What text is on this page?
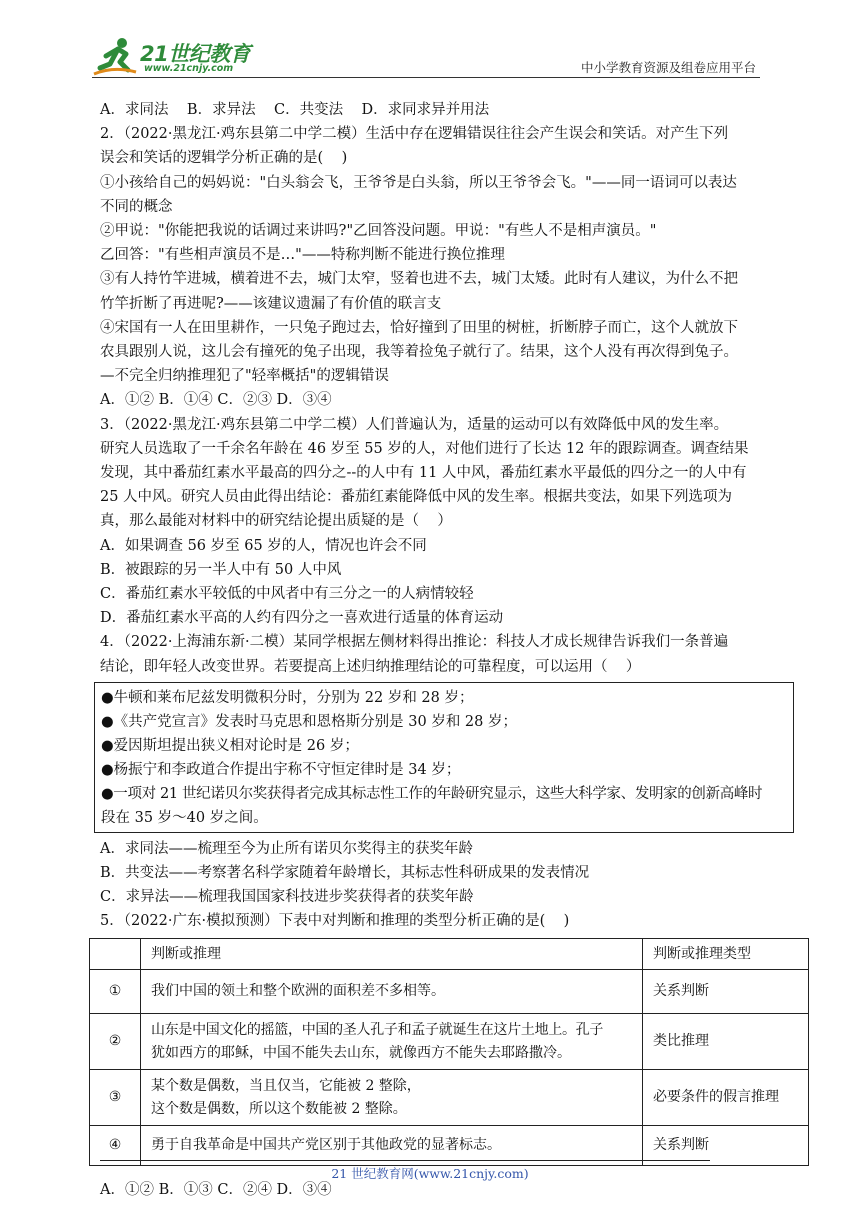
21世纪教育
www.21cnjy.com	中小学教育资源及组卷应用平台
A．求同法    B．求异法    C．共变法    D．求同求异并用法
2．（2022·黑龙江·鸡东县第二中学二模）生活中存在逻辑错误往往会产生误会和笑话。对产生下列
误会和笑话的逻辑学分析正确的是(    )
①小孩给自己的妈妈说："白头翁会飞，王爷爷是白头翁，所以王爷爷会飞。"——同一语词可以表达
不同的概念
②甲说："你能把我说的话调过来讲吗?"乙回答没问题。甲说："有些人不是相声演员。"
乙回答："有些相声演员不是…"——特称判断不能进行换位推理
③有人持竹竿进城，横着进不去，城门太窄，竖着也进不去，城门太矮。此时有人建议，为什么不把
竹竿折断了再进呢?——该建议遗漏了有价值的联言支
④宋国有一人在田里耕作，一只兔子跑过去，恰好撞到了田里的树桩，折断脖子而亡，这个人就放下
农具跟别人说，这儿会有撞死的兔子出现，我等着捡兔子就行了。结果，这个人没有再次得到兔子。
—不完全归纳推理犯了"轻率概括"的逻辑错误
A．①② B．①④ C．②③ D．③④
3．（2022·黑龙江·鸡东县第二中学二模）人们普遍认为，适量的运动可以有效降低中风的发生率。
研究人员选取了一千余名年龄在 46 岁至 55 岁的人，对他们进行了长达 12 年的跟踪调查。调查结果
发现，其中番茄红素水平最高的四分之--的人中有 11 人中风，番茄红素水平最低的四分之一的人中有
25 人中风。研究人员由此得出结论：番茄红素能降低中风的发生率。根据共变法，如果下列选项为
真，那么最能对材料中的研究结论提出质疑的是（    ）
A．如果调查 56 岁至 65 岁的人，情况也许会不同
B．被跟踪的另一半人中有 50 人中风
C．番茄红素水平较低的中风者中有三分之一的人病情较轻
D．番茄红素水平高的人约有四分之一喜欢进行适量的体育运动
4．（2022·上海浦东新·二模）某同学根据左侧材料得出推论：科技人才成长规律告诉我们一条普遍
结论，即年轻人改变世界。若要提高上述归纳推理结论的可靠程度，可以运用（    ）
●牛顿和莱布尼兹发明微积分时，分别为 22 岁和 28 岁；
●《共产党宣言》发表时马克思和恩格斯分别是 30 岁和 28 岁；
●爱因斯坦提出狭义相对论时是 26 岁；
●杨振宁和李政道合作提出宇称不守恒定律时是 34 岁；
●一项对 21 世纪诺贝尔奖获得者完成其标志性工作的年龄研究显示，这些大科学家、发明家的创新高峰时
段在 35 岁～40 岁之间。
A．求同法——梳理至今为止所有诺贝尔奖得主的获奖年龄
B．共变法——考察著名科学家随着年龄增长，其标志性科研成果的发表情况
C．求异法——梳理我国国家科技进步奖获得者的获奖年龄
5．（2022·广东·模拟预测）下表中对判断和推理的类型分析正确的是(    )
	判断或推理	判断或推理类型
①	我们中国的领土和整个欧洲的面积差不多相等。	关系判断
②	山东是中国文化的摇篮，中国的圣人孔子和孟子就诞生在这片土地上。孔子
犹如西方的耶稣，中国不能失去山东，就像西方不能失去耶路撒冷。	类比推理
③	某个数是偶数，当且仅当，它能被 2 整除，
这个数是偶数，所以这个数能被 2 整除。	必要条件的假言推理
④	勇于自我革命是中国共产党区别于其他政党的显著标志。	关系判断
A．①② B．①③ C．②④ D．③④
21 世纪教育网(www.21cnjy.com)
